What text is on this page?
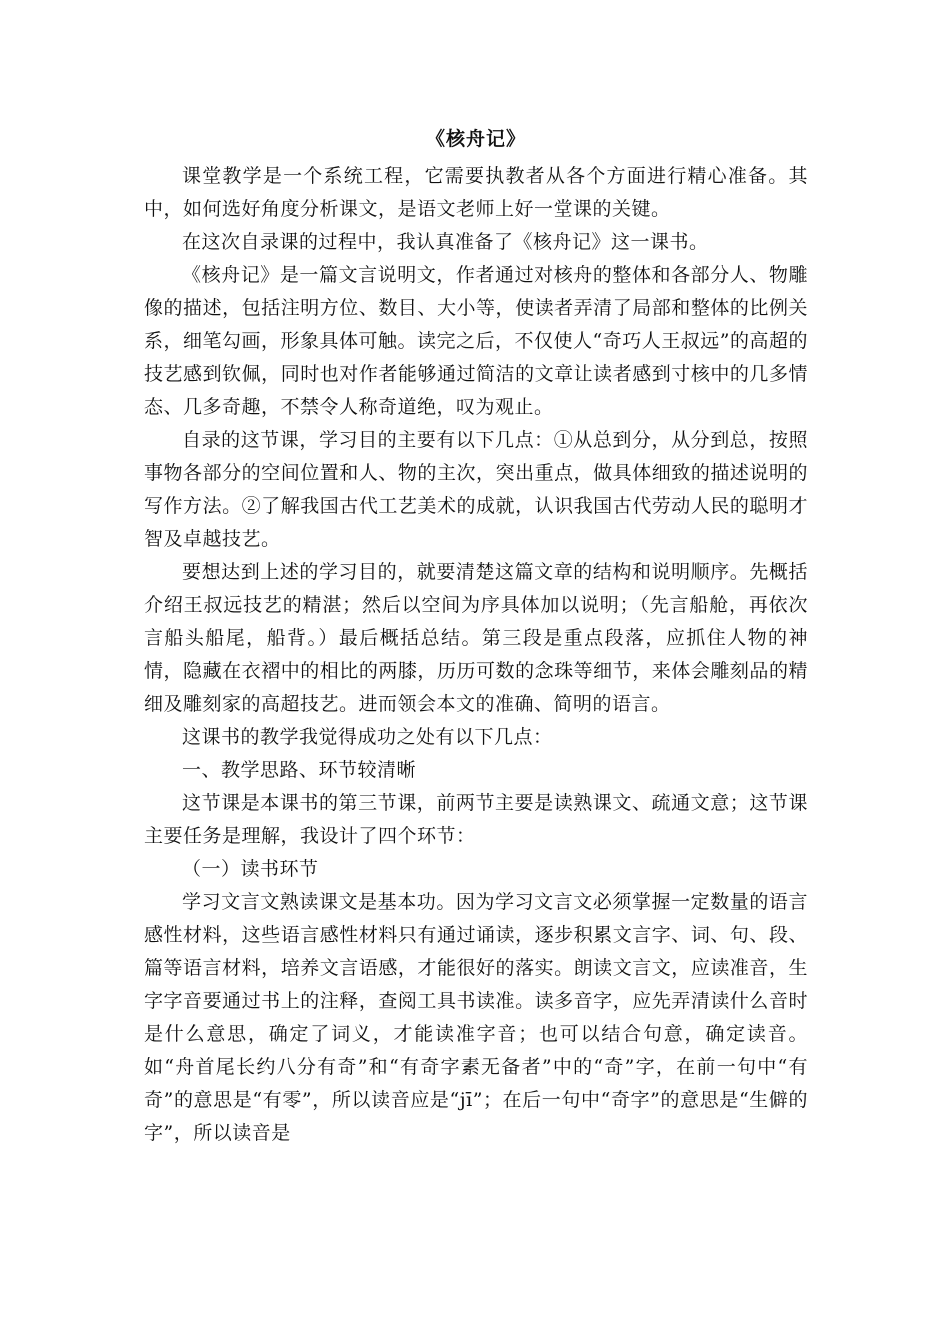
《核舟记》

课堂教学是一个系统工程，它需要执教者从各个方面进行精心准备。其中，如何选好角度分析课文，是语文老师上好一堂课的关键。

在这次自录课的过程中，我认真准备了《核舟记》这一课书。

《核舟记》是一篇文言说明文，作者通过对核舟的整体和各部分人、物雕像的描述，包括注明方位、数目、大小等，使读者弄清了局部和整体的比例关系，细笔勾画，形象具体可触。读完之后，不仅使人“奇巧人王叔远”的高超的技艺感到钦佩，同时也对作者能够通过简洁的文章让读者感到寸核中的几多情态、几多奇趣，不禁令人称奇道绝，叹为观止。

自录的这节课，学习目的主要有以下几点：①从总到分，从分到总，按照事物各部分的空间位置和人、物的主次，突出重点，做具体细致的描述说明的写作方法。②了解我国古代工艺美术的成就，认识我国古代劳动人民的聪明才智及卓越技艺。

要想达到上述的学习目的，就要清楚这篇文章的结构和说明顺序。先概括介绍王叔远技艺的精湛；然后以空间为序具体加以说明；（先言船舱，再依次言船头船尾，船背。）最后概括总结。第三段是重点段落，应抓住人物的神情，隐藏在衣褶中的相比的两膝，历历可数的念珠等细节，来体会雕刻品的精细及雕刻家的高超技艺。进而领会本文的准确、简明的语言。

这课书的教学我觉得成功之处有以下几点：

一、教学思路、环节较清晰

这节课是本课书的第三节课，前两节主要是读熟课文、疏通文意；这节课主要任务是理解，我设计了四个环节：

（一）读书环节

学习文言文熟读课文是基本功。因为学习文言文必须掌握一定数量的语言感性材料，这些语言感性材料只有通过诵读，逐步积累文言字、词、句、段、篇等语言材料，培养文言语感，才能很好的落实。朗读文言文，应读准音，生字字音要通过书上的注释，查阅工具书读准。读多音字，应先弄清读什么音时是什么意思，确定了词义，才能读准字音；也可以结合句意，确定读音。如“舟首尾长约八分有奇”和“有奇字素无备者”中的“奇”字，在前一句中“有奇”的意思是“有零”，所以读音应是“jī”；在后一句中“奇字”的意思是“生僻的字”，所以读音是
